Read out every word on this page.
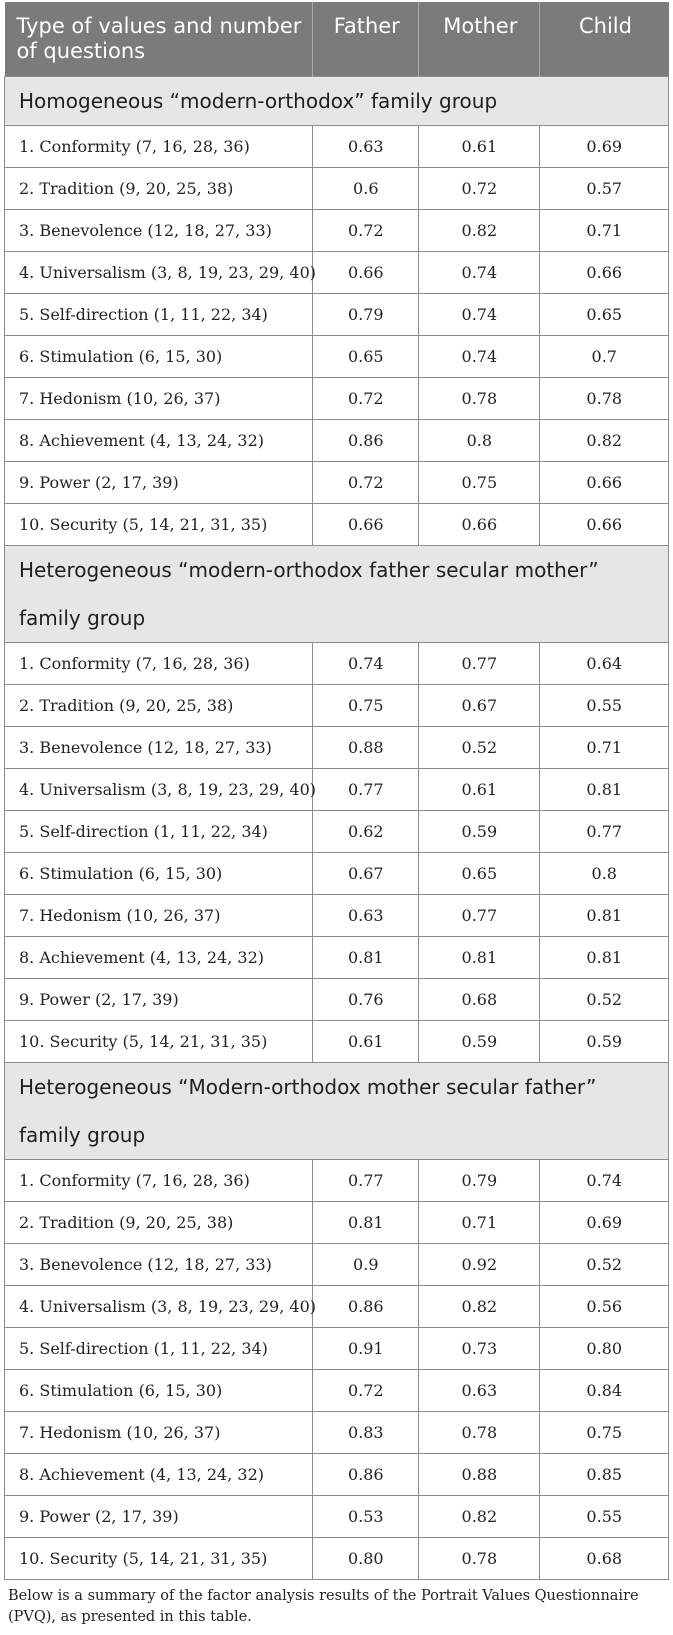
Type of values and number of questions	Father	Mother	Child
Homogeneous “modern-orthodox” family group			
1. Conformity (7, 16, 28, 36)	0.63	0.61	0.69
2. Tradition (9, 20, 25, 38)	0.6	0.72	0.57
3. Benevolence (12, 18, 27, 33)	0.72	0.82	0.71
4. Universalism (3, 8, 19, 23, 29, 40)	0.66	0.74	0.66
5. Self-direction (1, 11, 22, 34)	0.79	0.74	0.65
6. Stimulation (6, 15, 30)	0.65	0.74	0.7
7. Hedonism (10, 26, 37)	0.72	0.78	0.78
8. Achievement (4, 13, 24, 32)	0.86	0.8	0.82
9. Power (2, 17, 39)	0.72	0.75	0.66
10. Security (5, 14, 21, 31, 35)	0.66	0.66	0.66
Heterogeneous “modern-orthodox father secular mother” family group			
1. Conformity (7, 16, 28, 36)	0.74	0.77	0.64
2. Tradition (9, 20, 25, 38)	0.75	0.67	0.55
3. Benevolence (12, 18, 27, 33)	0.88	0.52	0.71
4. Universalism (3, 8, 19, 23, 29, 40)	0.77	0.61	0.81
5. Self-direction (1, 11, 22, 34)	0.62	0.59	0.77
6. Stimulation (6, 15, 30)	0.67	0.65	0.8
7. Hedonism (10, 26, 37)	0.63	0.77	0.81
8. Achievement (4, 13, 24, 32)	0.81	0.81	0.81
9. Power (2, 17, 39)	0.76	0.68	0.52
10. Security (5, 14, 21, 31, 35)	0.61	0.59	0.59
Heterogeneous “Modern-orthodox mother secular father” family group			
1. Conformity (7, 16, 28, 36)	0.77	0.79	0.74
2. Tradition (9, 20, 25, 38)	0.81	0.71	0.69
3. Benevolence (12, 18, 27, 33)	0.9	0.92	0.52
4. Universalism (3, 8, 19, 23, 29, 40)	0.86	0.82	0.56
5. Self-direction (1, 11, 22, 34)	0.91	0.73	0.80
6. Stimulation (6, 15, 30)	0.72	0.63	0.84
7. Hedonism (10, 26, 37)	0.83	0.78	0.75
8. Achievement (4, 13, 24, 32)	0.86	0.88	0.85
9. Power (2, 17, 39)	0.53	0.82	0.55
10. Security (5, 14, 21, 31, 35)	0.80	0.78	0.68
Below is a summary of the factor analysis results of the Portrait Values Questionnaire (PVQ), as presented in this table.
